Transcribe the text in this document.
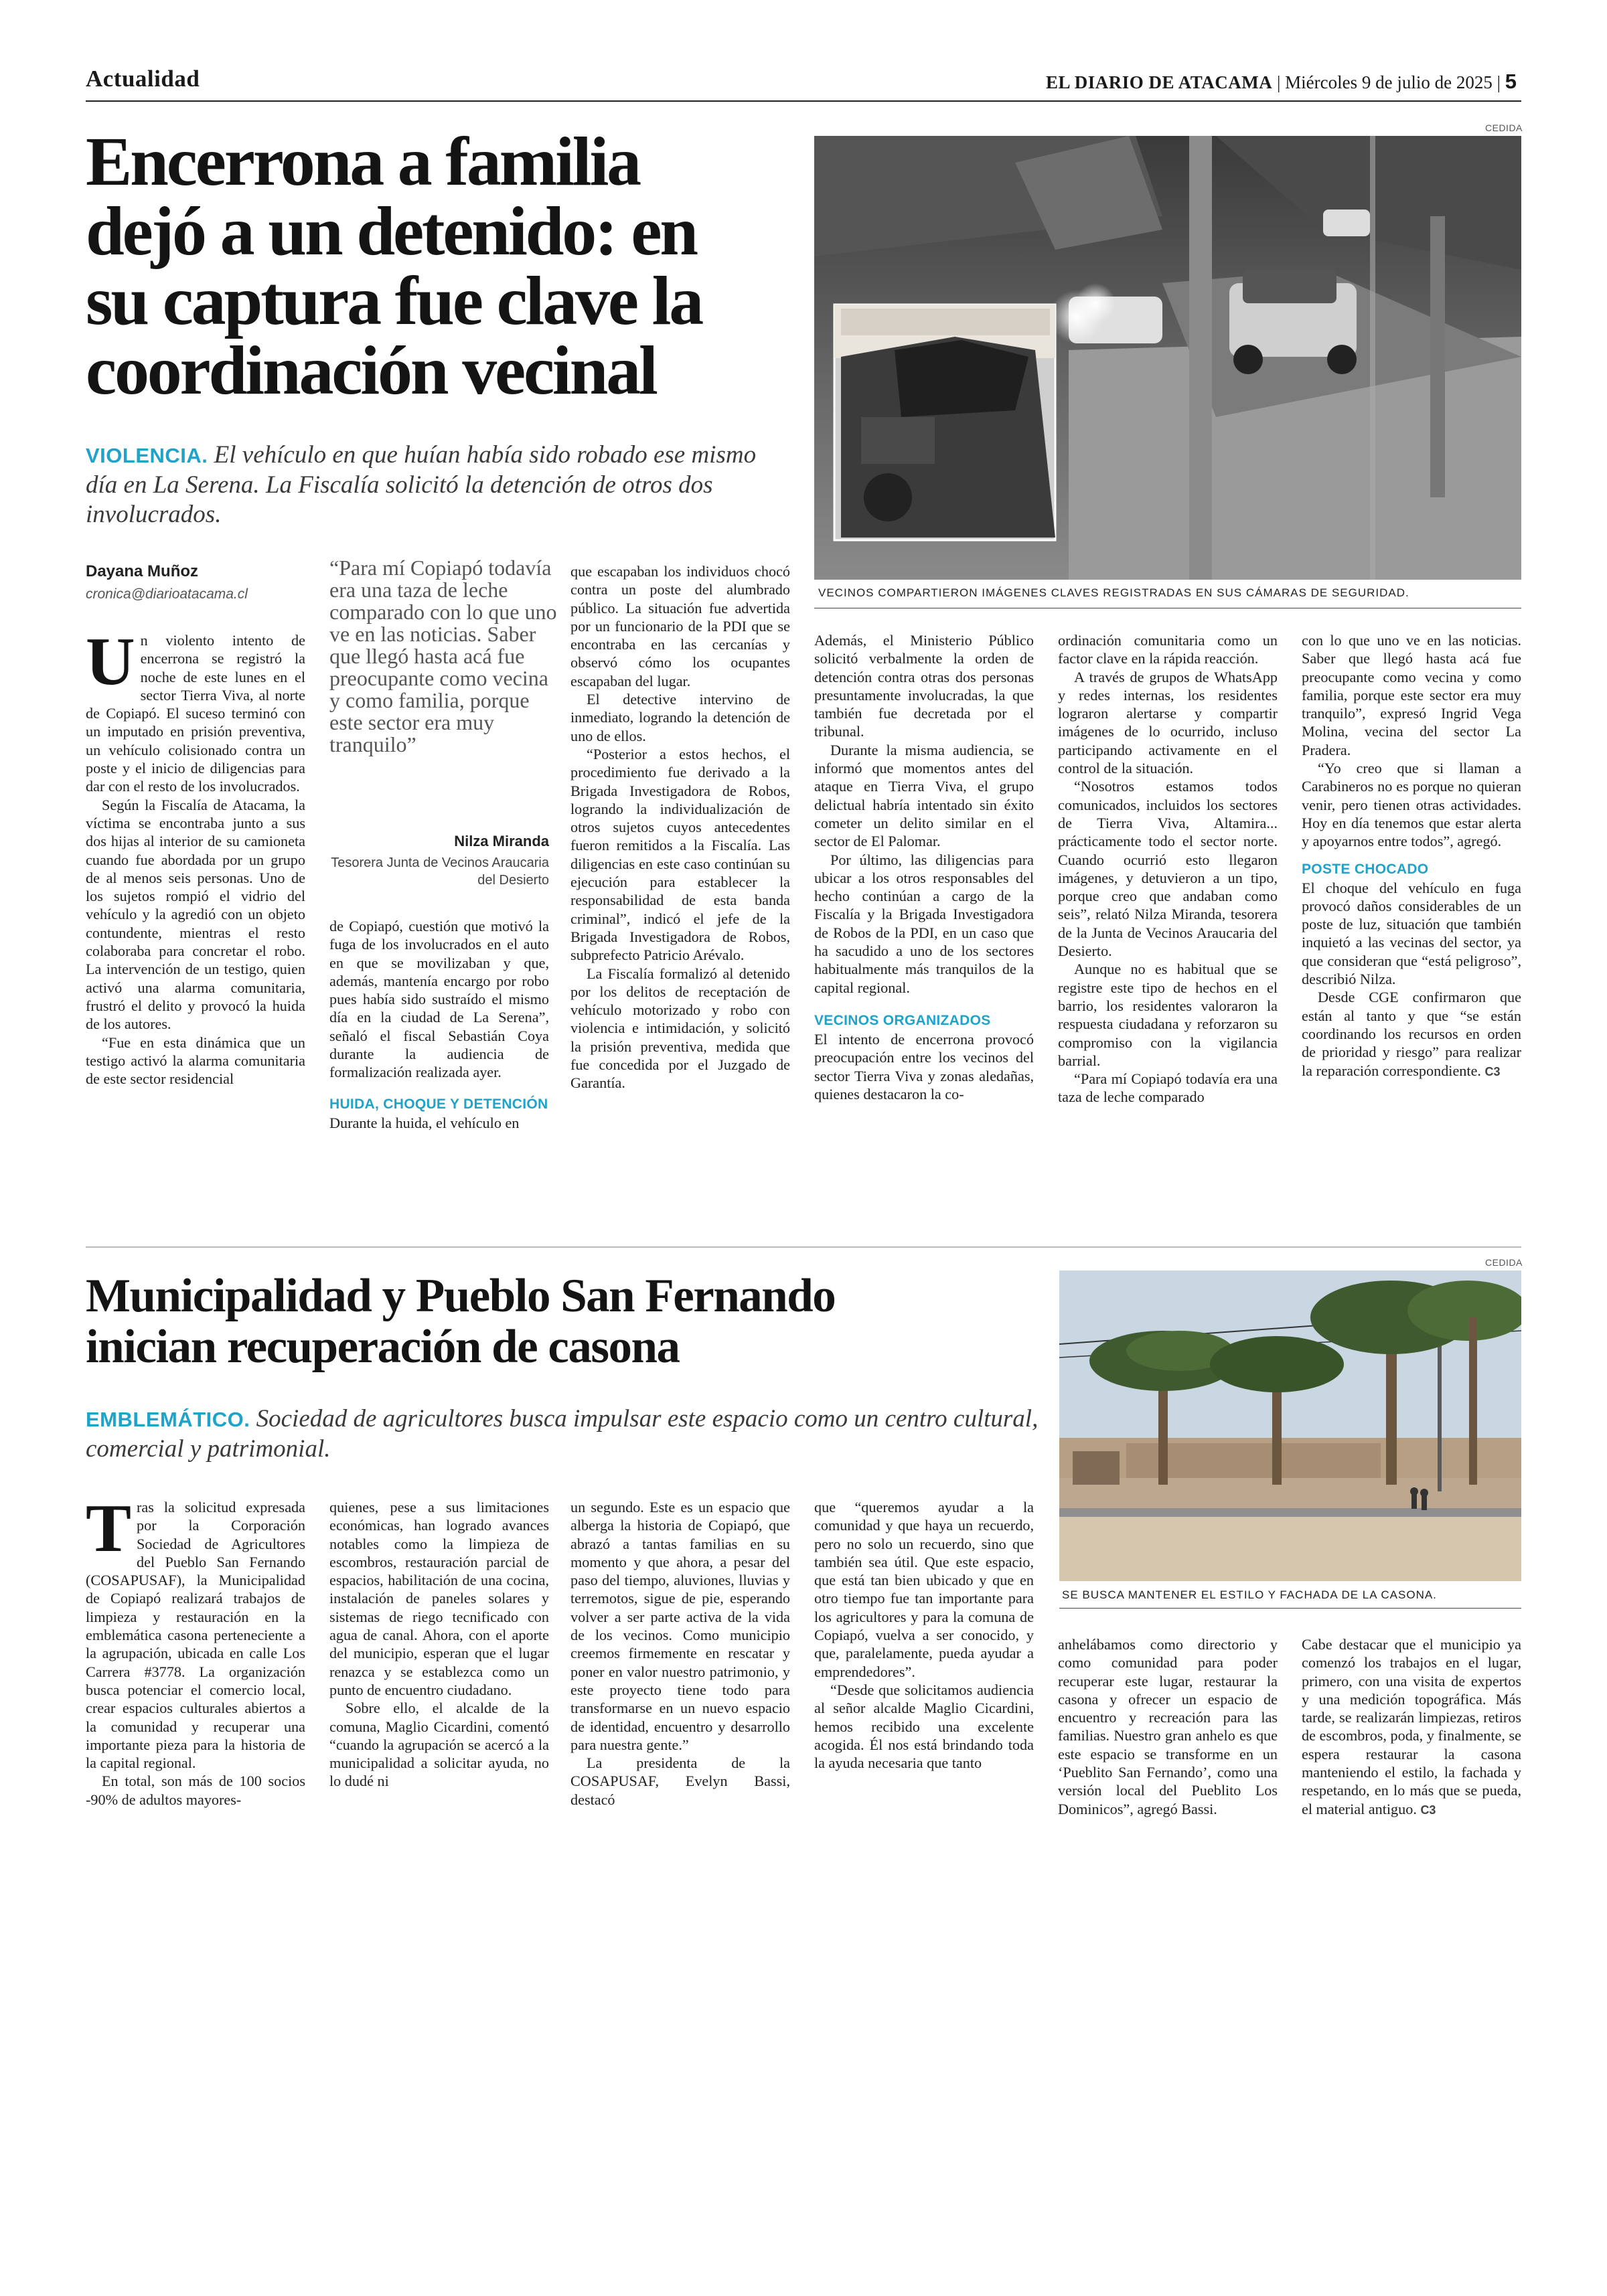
Actualidad	EL DIARIO DE ATACAMA | Miércoles 9 de julio de 2025 | 5
Encerrona a familia
dejó a un detenido: en
su captura fue clave la
coordinación vecinal
VIOLENCIA. El vehículo en que huían había sido robado ese mismo día en La Serena. La Fiscalía solicitó la detención de otros dos involucrados.
CEDIDA
VECINOS COMPARTIERON IMÁGENES CLAVES REGISTRADAS EN SUS CÁMARAS DE SEGURIDAD.
Dayana Muñoz
cronica@diarioatacama.cl
“Para mí Copiapó todavía era una taza de leche comparado con lo que uno ve en las noticias. Saber que llegó hasta acá fue preocupante como vecina y como familia, porque este sector era muy tranquilo”
Nilza Miranda
Tesorera Junta de Vecinos Araucaria del Desierto

Un violento intento de encerrona se registró la noche de este lunes en el sector Tierra Viva, al norte de Copiapó. El suceso terminó con un imputado en prisión preventiva, un vehículo colisionado contra un poste y el inicio de diligencias para dar con el resto de los involucrados.

Según la Fiscalía de Atacama, la víctima se encontraba junto a sus dos hijas al interior de su camioneta cuando fue abordada por un grupo de al menos seis personas. Uno de los sujetos rompió el vidrio del vehículo y la agredió con un objeto contundente, mientras el resto colaboraba para concretar el robo. La intervención de un testigo, quien activó una alarma comunitaria, frustró el delito y provocó la huida de los autores.

“Fue en esta dinámica que un testigo activó la alarma comunitaria de este sector residencial

de Copiapó, cuestión que motivó la fuga de los involucrados en el auto en que se movilizaban y que, además, mantenía encargo por robo pues había sido sustraído el mismo día en la ciudad de La Serena”, señaló el fiscal Sebastián Coya durante la audiencia de formalización realizada ayer.

HUIDA, CHOQUE Y DETENCIÓN

Durante la huida, el vehículo en

que escapaban los individuos chocó contra un poste del alumbrado público. La situación fue advertida por un funcionario de la PDI que se encontraba en las cercanías y observó cómo los ocupantes escapaban del lugar.

El detective intervino de inmediato, logrando la detención de uno de ellos.

“Posterior a estos hechos, el procedimiento fue derivado a la Brigada Investigadora de Robos, logrando la individualización de otros sujetos cuyos antecedentes fueron remitidos a la Fiscalía. Las diligencias en este caso continúan su ejecución para establecer la responsabilidad de esta banda criminal”, indicó el jefe de la Brigada Investigadora de Robos, subprefecto Patricio Arévalo.

La Fiscalía formalizó al detenido por los delitos de receptación de vehículo motorizado y robo con violencia e intimidación, y solicitó la prisión preventiva, medida que fue concedida por el Juzgado de Garantía.

Además, el Ministerio Público solicitó verbalmente la orden de detención contra otras dos personas presuntamente involucradas, la que también fue decretada por el tribunal.

Durante la misma audiencia, se informó que momentos antes del ataque en Tierra Viva, el grupo delictual habría intentado sin éxito cometer un delito similar en el sector de El Palomar.

Por último, las diligencias para ubicar a los otros responsables del hecho continúan a cargo de la Fiscalía y la Brigada Investigadora de Robos de la PDI, en un caso que ha sacudido a uno de los sectores habitualmente más tranquilos de la capital regional.

VECINOS ORGANIZADOS

El intento de encerrona provocó preocupación entre los vecinos del sector Tierra Viva y zonas aledañas, quienes destacaron la co-

ordinación comunitaria como un factor clave en la rápida reacción.

A través de grupos de WhatsApp y redes internas, los residentes lograron alertarse y compartir imágenes de lo ocurrido, incluso participando activamente en el control de la situación.

“Nosotros estamos todos comunicados, incluidos los sectores de Tierra Viva, Altamira... prácticamente todo el sector norte. Cuando ocurrió esto llegaron imágenes, y detuvieron a un tipo, porque creo que andaban como seis”, relató Nilza Miranda, tesorera de la Junta de Vecinos Araucaria del Desierto.

Aunque no es habitual que se registre este tipo de hechos en el barrio, los residentes valoraron la respuesta ciudadana y reforzaron su compromiso con la vigilancia barrial.

“Para mí Copiapó todavía era una taza de leche comparado

con lo que uno ve en las noticias. Saber que llegó hasta acá fue preocupante como vecina y como familia, porque este sector era muy tranquilo”, expresó Ingrid Vega Molina, vecina del sector La Pradera.

“Yo creo que si llaman a Carabineros no es porque no quieran venir, pero tienen otras actividades. Hoy en día tenemos que estar alerta y apoyarnos entre todos”, agregó.

POSTE CHOCADO

El choque del vehículo en fuga provocó daños considerables de un poste de luz, situación que también inquietó a las vecinas del sector, ya que consideran que “está peligroso”, describió Nilza.

Desde CGE confirmaron que están al tanto y que “se están coordinando los recursos en orden de prioridad y riesgo” para realizar la reparación correspondiente. C3

Municipalidad y Pueblo San Fernando
inician recuperación de casona
EMBLEMÁTICO. Sociedad de agricultores busca impulsar este espacio como un centro cultural, comercial y patrimonial.
CEDIDA
SE BUSCA MANTENER EL ESTILO Y FACHADA DE LA CASONA.

Tras la solicitud expresada por la Corporación Sociedad de Agricultores del Pueblo San Fernando (COSAPUSAF), la Municipalidad de Copiapó realizará trabajos de limpieza y restauración en la emblemática casona perteneciente a la agrupación, ubicada en calle Los Carrera #3778. La organización busca potenciar el comercio local, crear espacios culturales abiertos a la comunidad y recuperar una importante pieza para la historia de la capital regional.

En total, son más de 100 socios -90% de adultos mayores-

quienes, pese a sus limitaciones económicas, han logrado avances notables como la limpieza de escombros, restauración parcial de espacios, habilitación de una cocina, instalación de paneles solares y sistemas de riego tecnificado con agua de canal. Ahora, con el aporte del municipio, esperan que el lugar renazca y se establezca como un punto de encuentro ciudadano.

Sobre ello, el alcalde de la comuna, Maglio Cicardini, comentó “cuando la agrupación se acercó a la municipalidad a solicitar ayuda, no lo dudé ni

un segundo. Este es un espacio que alberga la historia de Copiapó, que abrazó a tantas familias en su momento y que ahora, a pesar del paso del tiempo, aluviones, lluvias y terremotos, sigue de pie, esperando volver a ser parte activa de la vida de los vecinos. Como municipio creemos firmemente en rescatar y poner en valor nuestro patrimonio, y este proyecto tiene todo para transformarse en un nuevo espacio de identidad, encuentro y desarrollo para nuestra gente.”

La presidenta de la COSAPUSAF, Evelyn Bassi, destacó

que “queremos ayudar a la comunidad y que haya un recuerdo, pero no solo un recuerdo, sino que también sea útil. Que este espacio, que está tan bien ubicado y que en otro tiempo fue tan importante para los agricultores y para la comuna de Copiapó, vuelva a ser conocido, y que, paralelamente, pueda ayudar a emprendedores”.

“Desde que solicitamos audiencia al señor alcalde Maglio Cicardini, hemos recibido una excelente acogida. Él nos está brindando toda la ayuda necesaria que tanto

anhelábamos como directorio y como comunidad para poder recuperar este lugar, restaurar la casona y ofrecer un espacio de encuentro y recreación para las familias. Nuestro gran anhelo es que este espacio se transforme en un ‘Pueblito San Fernando’, como una versión local del Pueblito Los Dominicos”, agregó Bassi.

Cabe destacar que el municipio ya comenzó los trabajos en el lugar, primero, con una visita de expertos y una medición topográfica. Más tarde, se realizarán limpiezas, retiros de escombros, poda, y finalmente, se espera restaurar la casona manteniendo el estilo, la fachada y respetando, en lo más que se pueda, el material antiguo. C3
